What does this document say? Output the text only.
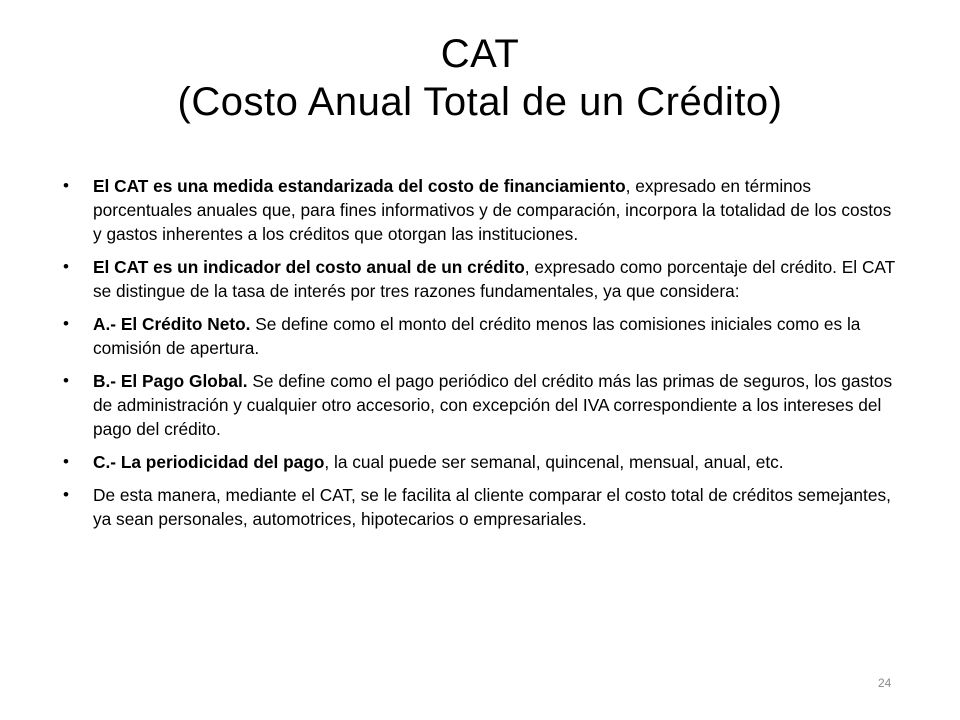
CAT
(Costo Anual Total de un Crédito)
• El CAT es una medida estandarizada del costo de financiamiento, expresado en términos porcentuales anuales que, para fines informativos y de comparación, incorpora la totalidad de los costos y gastos inherentes a los créditos que otorgan las instituciones.
• El CAT es un indicador del costo anual de un crédito, expresado como porcentaje del crédito. El CAT se distingue de la tasa de interés por tres razones fundamentales, ya que considera:
• A.- El Crédito Neto. Se define como el monto del crédito menos las comisiones iniciales como es la comisión de apertura.
• B.- El Pago Global. Se define como el pago periódico del crédito más las primas de seguros, los gastos de administración y cualquier otro accesorio, con excepción del IVA correspondiente a los intereses del pago del crédito.
• C.- La periodicidad del pago, la cual puede ser semanal, quincenal, mensual, anual, etc.
• De esta manera, mediante el CAT, se le facilita al cliente comparar el costo total de créditos semejantes, ya sean personales, automotrices, hipotecarios o empresariales.
24
